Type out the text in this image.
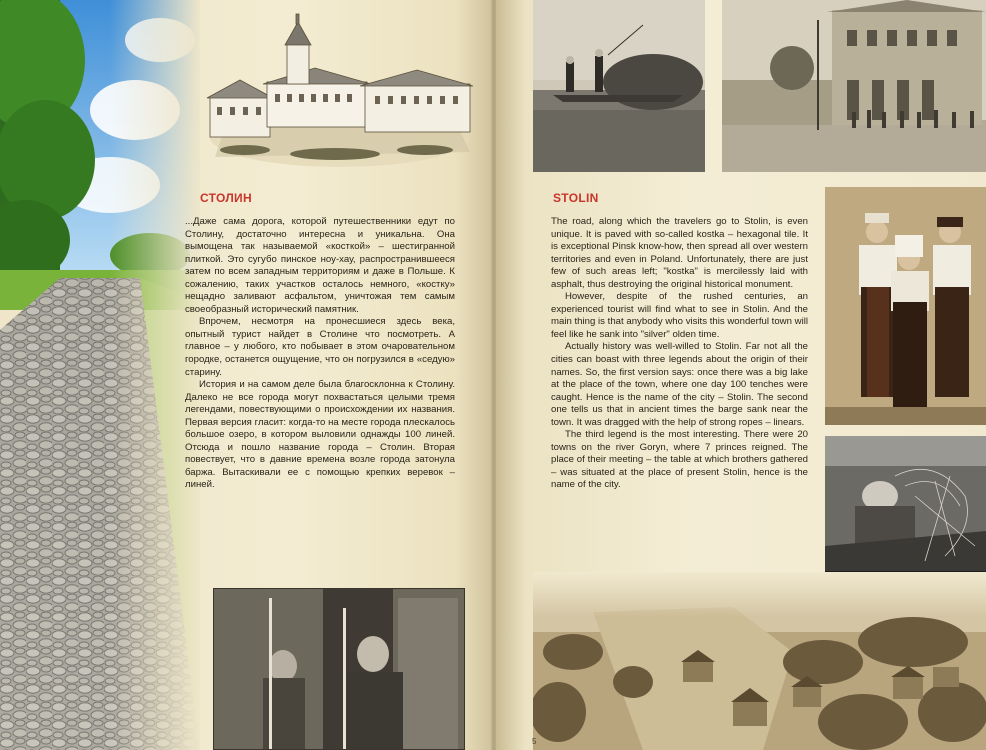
СТОЛИН

...Даже сама дорога, которой путешественники едут по Столину, достаточно интересна и уникальна. Она вымощена так называемой «косткой» – шестигранной плиткой. Это сугубо пинское ноу-хау, распространившееся затем по всем западным территориям и даже в Польше. К сожалению, таких участков осталось немного, «костку» нещадно заливают асфальтом, уничтожая тем самым своеобразный исторический памятник.

Впрочем, несмотря на пронесшиеся здесь века, опытный турист найдет в Столине что посмотреть. А главное – у любого, кто побывает в этом очаровательном городке, останется ощущение, что он погрузился в «седую» старину.

История и на самом деле была благосклонна к Столину. Далеко не все города могут похвастаться целыми тремя легендами, повествующими о происхождении их названия. Первая версия гласит: когда-то на месте города плескалось большое озеро, в котором выловили однажды 100 линей. Отсюда и пошло название города – Столин. Вторая повествует, что в давние времена возле города затонула баржа. Вытаскивали ее с помощью крепких веревок – линей.

STOLIN

The road, along which the travelers go to Stolin, is even unique. It is paved with so-called kostka – hexagonal tile. It is exceptional Pinsk know-how, then spread all over western territories and even in Poland. Unfortunately, there are just few of such areas left; "kostka" is mercilessly laid with asphalt, thus destroying the original historical monument.

However, despite of the rushed centuries, an experienced tourist will find what to see in Stolin. And the main thing is that anybody who visits this wonderful town will feel like he sank into "silver" olden time.

Actually history was well-willed to Stolin. Far not all the cities can boast with three legends about the origin of their names. So, the first version says: once there was a big lake at the place of the town, where one day 100 tenches were caught. Hence is the name of the city – Stolin. The second one tells us that in ancient times the barge sank near the town. It was dragged with the help of strong ropes – linears.

The third legend is the most interesting. There were 20 towns on the river Goryn, where 7 princes reigned. The place of their meeting – the table at which brothers gathered – was situated at the place of present Stolin, hence is the name of the city.

5
